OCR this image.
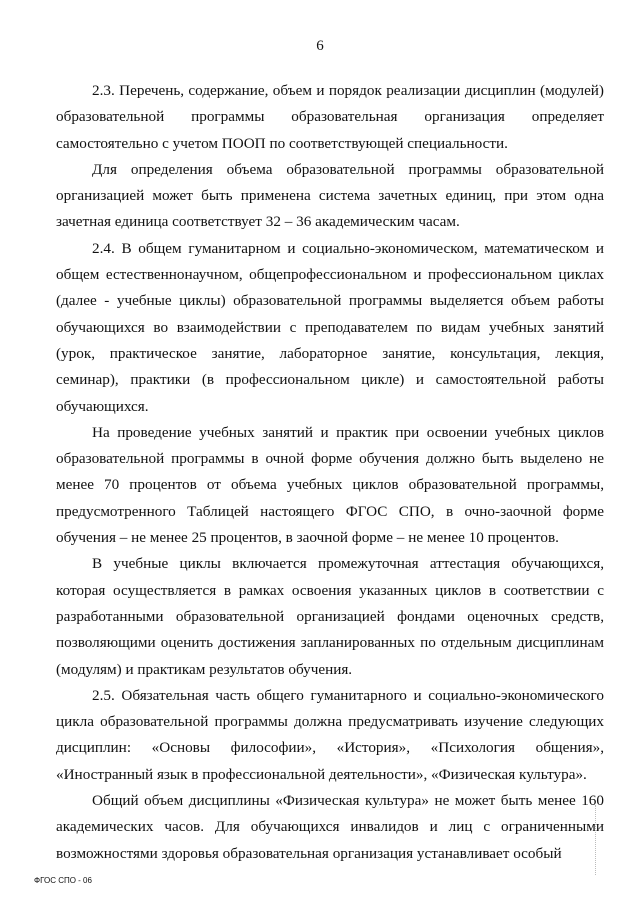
6

2.3. Перечень, содержание, объем и порядок реализации дисциплин (модулей) образовательной программы образовательная организация определяет самостоятельно с учетом ПООП по соответствующей специальности.

Для определения объема образовательной программы образовательной организацией может быть применена система зачетных единиц, при этом одна зачетная единица соответствует 32 – 36 академическим часам.

2.4. В общем гуманитарном и социально-экономическом, математическом и общем естественнонаучном, общепрофессиональном и профессиональном циклах (далее - учебные циклы) образовательной программы выделяется объем работы обучающихся во взаимодействии с преподавателем по видам учебных занятий (урок, практическое занятие, лабораторное занятие, консультация, лекция, семинар), практики (в профессиональном цикле) и самостоятельной работы обучающихся.

На проведение учебных занятий и практик при освоении учебных циклов образовательной программы в очной форме обучения должно быть выделено не менее 70 процентов от объема учебных циклов образовательной программы, предусмотренного Таблицей настоящего ФГОС СПО, в очно-заочной форме обучения – не менее 25 процентов, в заочной форме – не менее 10 процентов.

В учебные циклы включается промежуточная аттестация обучающихся, которая осуществляется в рамках освоения указанных циклов в соответствии с разработанными образовательной организацией фондами оценочных средств, позволяющими оценить достижения запланированных по отдельным дисциплинам (модулям) и практикам результатов обучения.

2.5. Обязательная часть общего гуманитарного и социально-экономического цикла образовательной программы должна предусматривать изучение следующих дисциплин: «Основы философии», «История», «Психология общения», «Иностранный язык в профессиональной деятельности», «Физическая культура».

Общий объем дисциплины «Физическая культура» не может быть менее 160 академических часов. Для обучающихся инвалидов и лиц с ограниченными возможностями здоровья образовательная организация устанавливает особый

ФГОС СПО - 06
